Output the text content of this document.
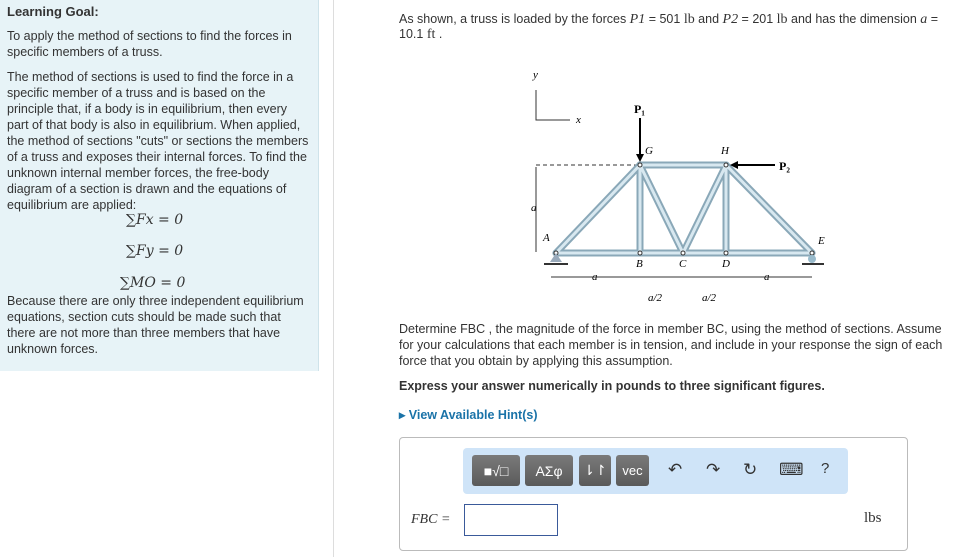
Learning Goal:

To apply the method of sections to find the forces in specific members of a truss.

The method of sections is used to find the force in a specific member of a truss and is based on the principle that, if a body is in equilibrium, then every part of that body is also in equilibrium. When applied, the method of sections "cuts" or sections the members of a truss and exposes their internal forces. To find the unknown internal member forces, the free-body diagram of a section is drawn and the equations of equilibrium are applied:

∑Fx = 0
∑Fy = 0
∑MO = 0

Because there are only three independent equilibrium equations, section cuts should be made such that there are not more than three members that have unknown forces.

As shown, a truss is loaded by the forces P1 = 501 lb and P2 = 201 lb and has the dimension a = 10.1 ft .
y
x
P₁
P₂
G	H
A	E
B	C	D
a
a	a
a/2	a/2
Determine FBC , the magnitude of the force in member BC, using the method of sections. Assume for your calculations that each member is in tension, and include in your response the sign of each force that you obtain by applying this assumption.
Express your answer numerically in pounds to three significant figures.
▸ View Available Hint(s)
■√□	ΑΣφ	⇂↾	vec	↶ ↷ ↻ ⌨ ?
FBC =	lbs
